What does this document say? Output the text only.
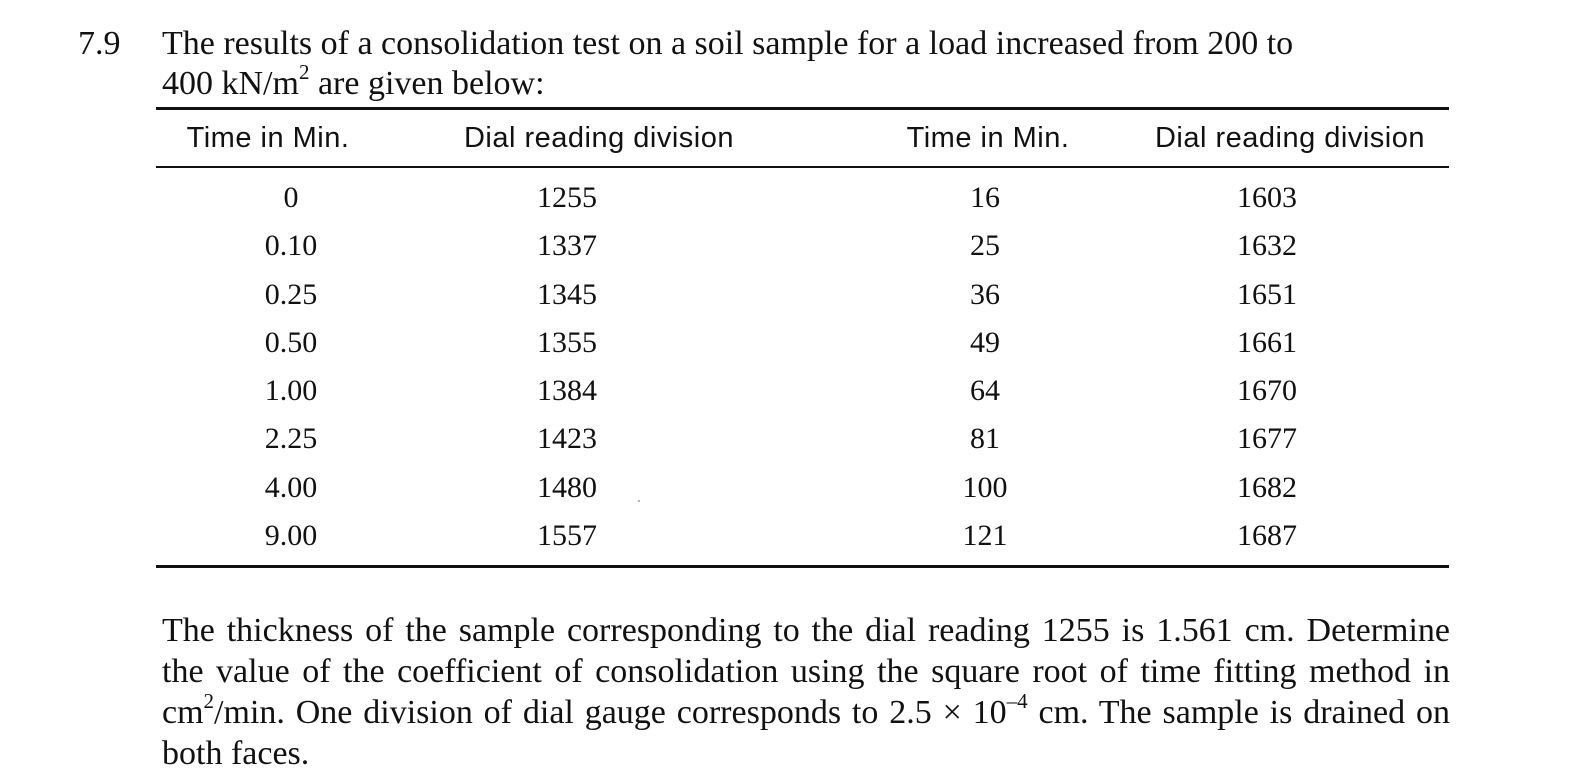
7.9 The results of a consolidation test on a soil sample for a load increased from 200 to
400 $kN/m^2$ are given below:
Time in Min.	Dial reading division	Time in Min.	Dial reading division
0	1255	16	1603
0.10	1337	25	1632
0.25	1345	36	1651
0.50	1355	49	1661
1.00	1384	64	1670
2.25	1423	81	1677
4.00	1480	100	1682
9.00	1557	121	1687
The thickness of the sample corresponding to the dial reading 1255 is 1.561 cm. Determine the value of the coefficient of consolidation using the square root of time fitting method in $cm^2/\min$. One division of dial gauge corresponds to $2.5 \times 10^{-4}$ cm. The sample is drained on both faces.
